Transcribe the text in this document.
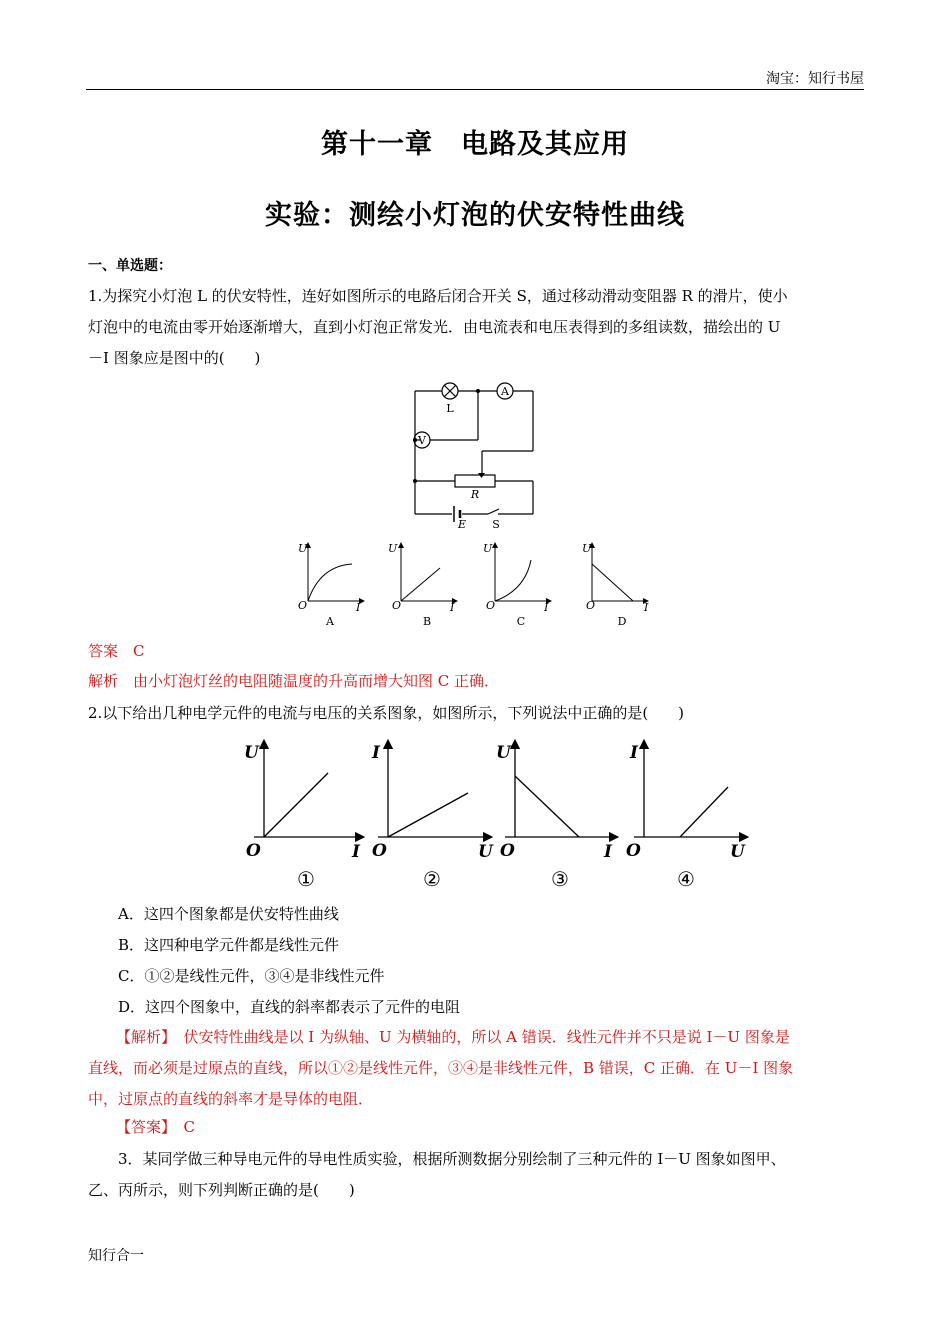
淘宝：知行书屋
第十一章　电路及其应用
实验：测绘小灯泡的伏安特性曲线
一、单选题：
1.为探究小灯泡 L 的伏安特性，连好如图所示的电路后闭合开关 S，通过移动滑动变阻器 R 的滑片，使小
灯泡中的电流由零开始逐渐增大，直到小灯泡正常发光．由电流表和电压表得到的多组读数，描绘出的 U
－I 图象应是图中的(　　)
A
V
L
R
E S
U
O	I
A
U
O	I
B
U
O	I
C
U
O	I
D
答案　C
解析　由小灯泡灯丝的电阻随温度的升高而增大知图 C 正确．
2.以下给出几种电学元件的电流与电压的关系图象，如图所示，下列说法中正确的是(　　)
U
O	I
①
I
O	U
②
U
O	I
③
I
O	U
④
A．这四个图象都是伏安特性曲线
B．这四种电学元件都是线性元件
C．①②是线性元件，③④是非线性元件
D．这四个图象中，直线的斜率都表示了元件的电阻
【解析】　伏安特性曲线是以 I 为纵轴、U 为横轴的，所以 A 错误．线性元件并不只是说 I－U 图象是
直线，而必须是过原点的直线，所以①②是线性元件，③④是非线性元件，B 错误，C 正确．在 U－I 图象
中，过原点的直线的斜率才是导体的电阻．
【答案】　C
3．某同学做三种导电元件的导电性质实验，根据所测数据分别绘制了三种元件的 I－U 图象如图甲、
乙、丙所示，则下列判断正确的是(　　)
知行合一
